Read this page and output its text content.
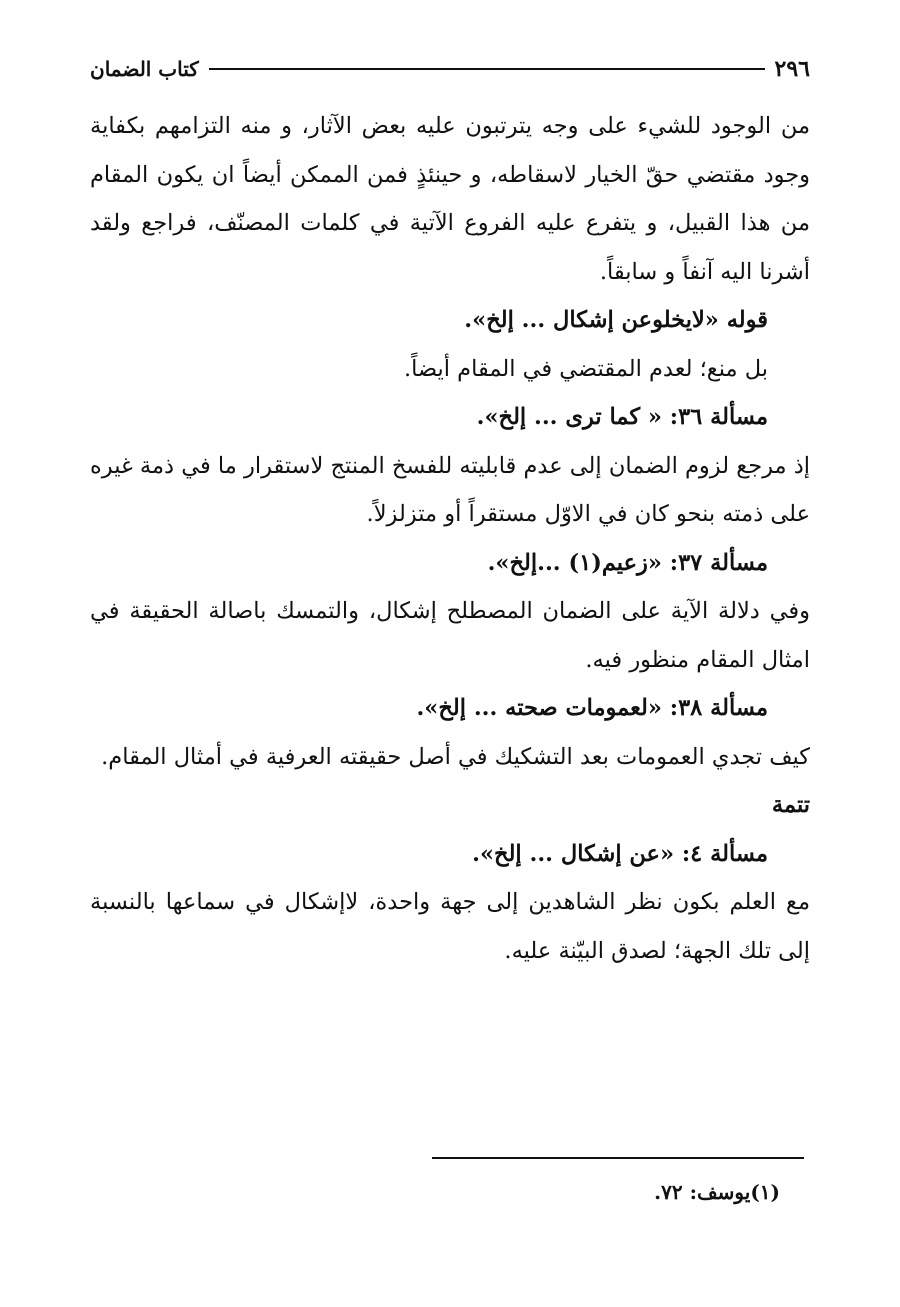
٢٩٦
كتاب الضمان

من الوجود للشيء على وجه يترتبون عليه بعض الآثار، و منه التزامهم بكفاية وجود مقتضي حقّ الخيار لاسقاطه، و حينئذٍ فمن الممكن أيضاً ان يكون المقام من هذا القبيل، و يتفرع عليه الفروع الآتية في كلمات المصنّف، فراجع ولقد أشرنا اليه آنفاً و سابقاً.

قوله «لايخلوعن إشكال ... إلخ».

بل منع؛ لعدم المقتضي في المقام أيضاً.

مسألة ٣٦: « كما ترى ... إلخ».

إذ مرجع لزوم الضمان إلى عدم قابليته للفسخ المنتج لاستقرار ما في ذمة غيره على ذمته بنحو كان في الاوّل مستقراً أو متزلزلاً.

مسألة ٣٧: «زعيم(١) ...إلخ».

وفي دلالة الآية على الضمان المصطلح إشكال، والتمسك باصالة الحقيقة في امثال المقام منظور فيه.

مسألة ٣٨: «لعمومات صحته ... إلخ».

كيف تجدي العمومات بعد التشكيك في أصل حقيقته العرفية في أمثال المقام.

تتمة

مسألة ٤: «عن إشكال ... إلخ».

مع العلم بكون نظر الشاهدين إلى جهة واحدة، لاإشكال في سماعها بالنسبة إلى تلك الجهة؛ لصدق البيّنة عليه.

(١)يوسف: ٧٢.
